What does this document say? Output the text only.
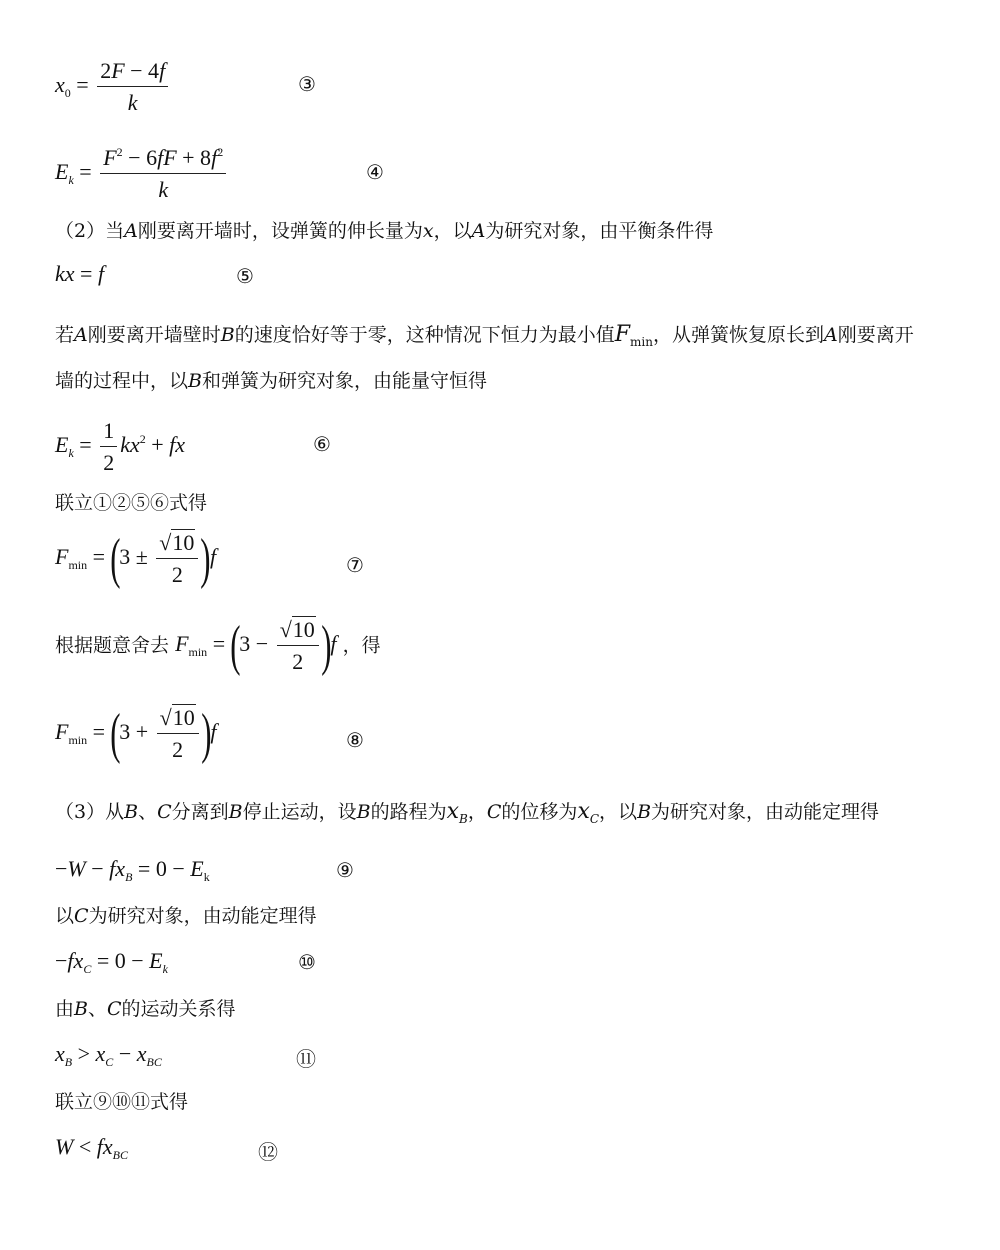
$x_0 = \frac{2F - 4f}{k}$	③
$E_k = \frac{F^2 - 6fF + 8f^2}{k}$	④
（2）当A刚要离开墙时，设弹簧的伸长量为x，以A为研究对象，由平衡条件得
kx = f	⑤
若A刚要离开墙壁时B的速度恰好等于零，这种情况下恒力为最小值$F_{min}$，从弹簧恢复原长到A刚要离开
墙的过程中，以B和弹簧为研究对象，由能量守恒得
$E_k = \frac{1}{2} kx^2$ + fx	⑥
联立①②⑤⑥式得
$F_{min} = (3 \pm \frac{√10}{2} )f$	⑦
根据题意舍去 $F_{min} = (3 - \frac{√10}{2} )f$ ，得
$F_{min} = (3 + \frac{√10}{2} )f$	⑧
（3）从B、C分离到B停止运动，设B的路程为$x_B$，C的位移为$x_C$，以B为研究对象，由动能定理得
$-W - fx_B = 0 - E_k$	⑨
以C为研究对象，由动能定理得
$-fx_C = 0 - E_k$	⑩
由B、C的运动关系得
$x_B > x_C - x_{BC}$	⑪
联立⑨⑩⑪式得
$W < fx_{BC}$	⑫
